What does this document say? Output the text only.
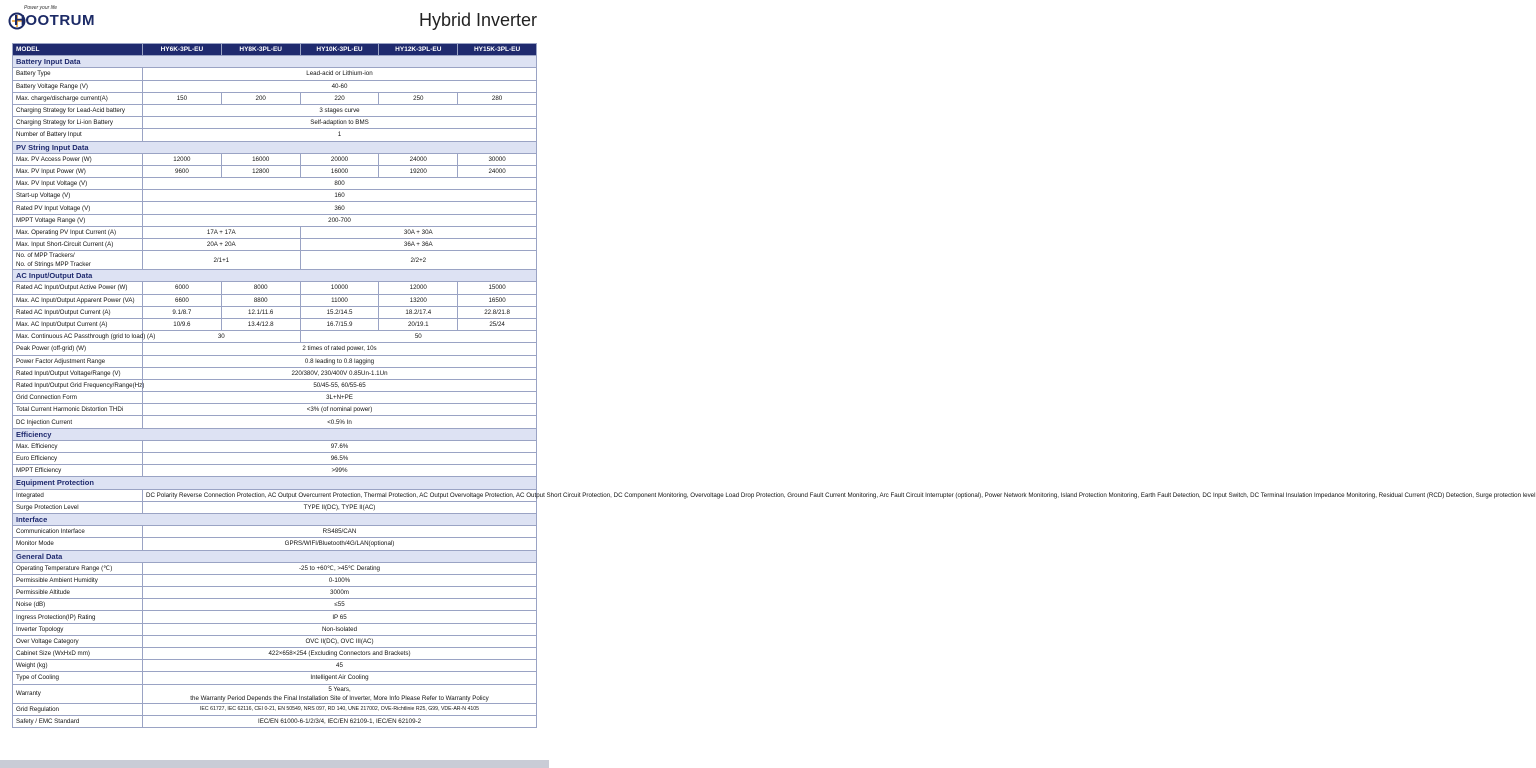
Power your life
HOOTRUM	Hybrid Inverter
MODEL	HY6K-3PL-EU	HY8K-3PL-EU	HY10K-3PL-EU	HY12K-3PL-EU	HY15K-3PL-EU
Battery Input Data					
Battery Type	Lead-acid or Lithium-ion				
Battery Voltage Range (V)	40-60				
Max. charge/discharge current(A)	150	200	220	250	280
Charging Strategy for Lead-Acid battery	3 stages curve				
Charging Strategy for Li-ion Battery	Self-adaption to BMS				
Number of Battery Input	1				
PV String Input Data					
Max. PV Access Power (W)	12000	16000	20000	24000	30000
Max. PV Input Power (W)	9600	12800	16000	19200	24000
Max. PV Input Voltage (V)	800				
Start-up Voltage (V)	160				
Rated PV Input Voltage (V)	360				
MPPT Voltage Range (V)	200-700				
Max. Operating PV Input Current (A)	17A + 17A		30A + 30A		
Max. Input Short-Circuit Current (A)	20A + 20A		36A + 36A		

No. of MPP Trackers/
No. of Strings MPP Tracker	2/1+1		2/2+2		
AC Input/Output Data					
Rated AC Input/Output Active Power (W)	6000	8000	10000	12000	15000
Max. AC Input/Output Apparent Power (VA)	6600	8800	11000	13200	16500
Rated AC Input/Output Current (A)	9.1/8.7	12.1/11.6	15.2/14.5	18.2/17.4	22.8/21.8
Max. AC Input/Output Current (A)	10/9.6	13.4/12.8	16.7/15.9	20/19.1	25/24
Max. Continuous AC Passthrough (grid to load) (A)	30		50		
Peak Power (off-grid) (W)	2 times of rated power, 10s				
Power Factor Adjustment Range	0.8 leading to 0.8 lagging				
Rated Input/Output Voltage/Range (V)	220/380V, 230/400V 0.85Un-1.1Un				
Rated Input/Output Grid Frequency/Range(Hz)	50/45-55, 60/55-65				
Grid Connection Form	3L+N+PE				
Total Current Harmonic Distortion THDi	<3% (of nominal power)				
DC Injection Current	<0.5% In				
Efficiency					
Max. Efficiency	97.6%				
Euro Efficiency	96.5%				
MPPT Efficiency	>99%				
Equipment Protection					
Integrated	DC Polarity Reverse Connection Protection, AC Output Overcurrent Protection, Thermal Protection, AC Output Overvoltage Protection, AC Output Short Circuit Protection, DC Component Monitoring, Overvoltage Load Drop Protection, Ground Fault Current Monitoring, Arc Fault Circuit Interrupter (optional), Power Network Monitoring, Island Protection Monitoring, Earth Fault Detection, DC Input Switch, DC Terminal Insulation Impedance Monitoring, Residual Current (RCD) Detection, Surge protection level				
Surge Protection Level	TYPE II(DC), TYPE II(AC)				
Interface					
Communication Interface	RS485/CAN				
Monitor Mode	GPRS/WIFI/Bluetooth/4G/LAN(optional)				
General Data					
Operating Temperature Range (℃)	-25 to +60℃, >45℃ Derating				
Permissible Ambient Humidity	0-100%				
Permissible Altitude	3000m				
Noise (dB)	≤55				
Ingress Protection(IP) Rating	IP 65				
Inverter Topology	Non-Isolated				
Over Voltage Category	OVC II(DC), OVC III(AC)				
Cabinet Size (WxHxD mm)	422×658×254 (Excluding Connectors and Brackets)				
Weight (kg)	45				
Type of Cooling	Intelligent Air Cooling				
Warranty	5 Years,
the Warranty Period Depends the Final Installation Site of Inverter, More Info Please Refer to Warranty Policy				
Grid Regulation	IEC 61727, IEC 62116, CEI 0-21, EN 50549, NRS 097, RD 140, UNE 217002, OVE-Richtlinie R25, G99, VDE-AR-N 4105				
Safety / EMC Standard	IEC/EN 61000-6-1/2/3/4, IEC/EN 62109-1, IEC/EN 62109-2				
